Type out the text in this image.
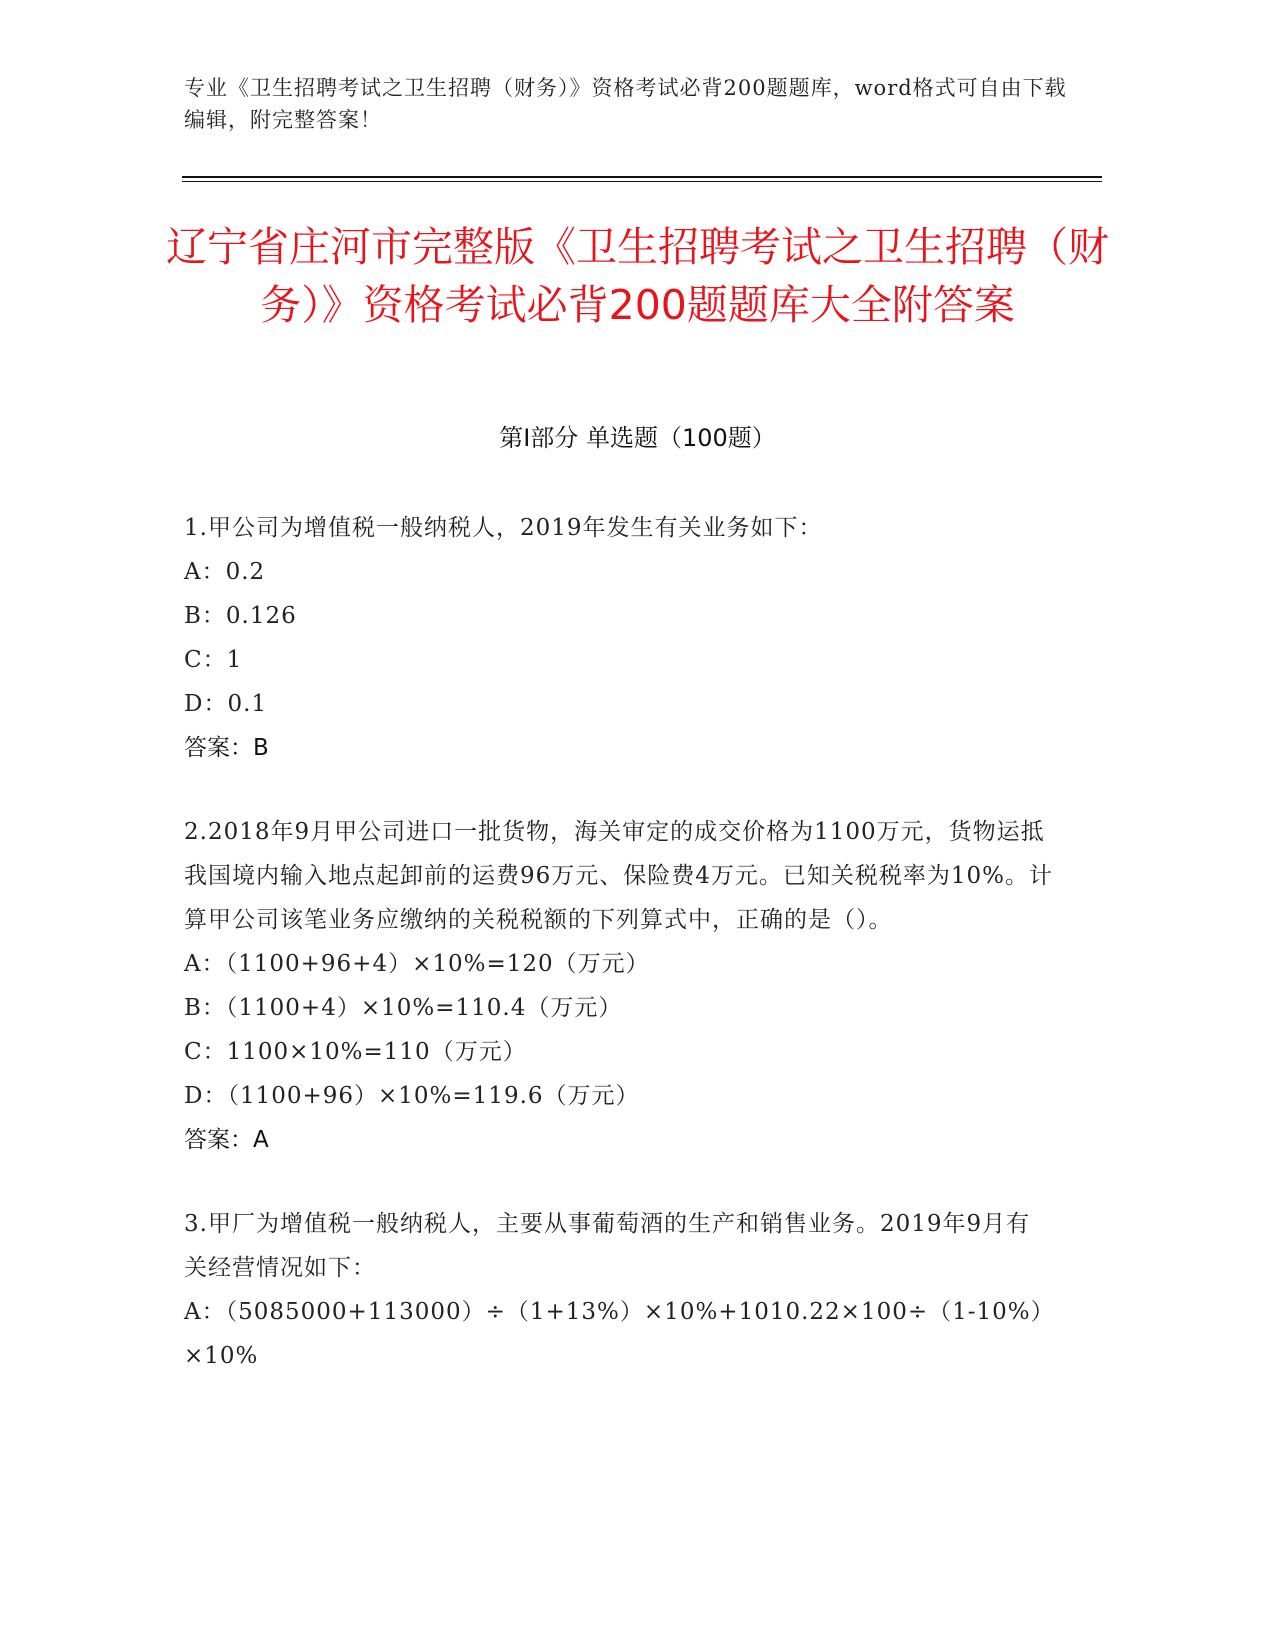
专业《卫生招聘考试之卫生招聘（财务）》资格考试必背200题题库，word格式可自由下载编辑，附完整答案！
辽宁省庄河市完整版《卫生招聘考试之卫生招聘（财务）》资格考试必背200题题库大全附答案
第Ⅰ部分 单选题（100题）
1.甲公司为增值税一般纳税人，2019年发生有关业务如下：
A：0.2
B：0.126
C：1
D：0.1
答案：B
2.2018年9月甲公司进口一批货物，海关审定的成交价格为1100万元，货物运抵我国境内输入地点起卸前的运费96万元、保险费4万元。已知关税税率为10%。计算甲公司该笔业务应缴纳的关税税额的下列算式中，正确的是（）。
A：（1100+96+4）×10%=120（万元）
B：（1100+4）×10%=110.4（万元）
C：1100×10%=110（万元）
D：（1100+96）×10%=119.6（万元）
答案：A
3.甲厂为增值税一般纳税人，主要从事葡萄酒的生产和销售业务。2019年9月有关经营情况如下：
A：（5085000+113000）÷（1+13%）×10%+1010.22×100÷（1-10%）×10%
